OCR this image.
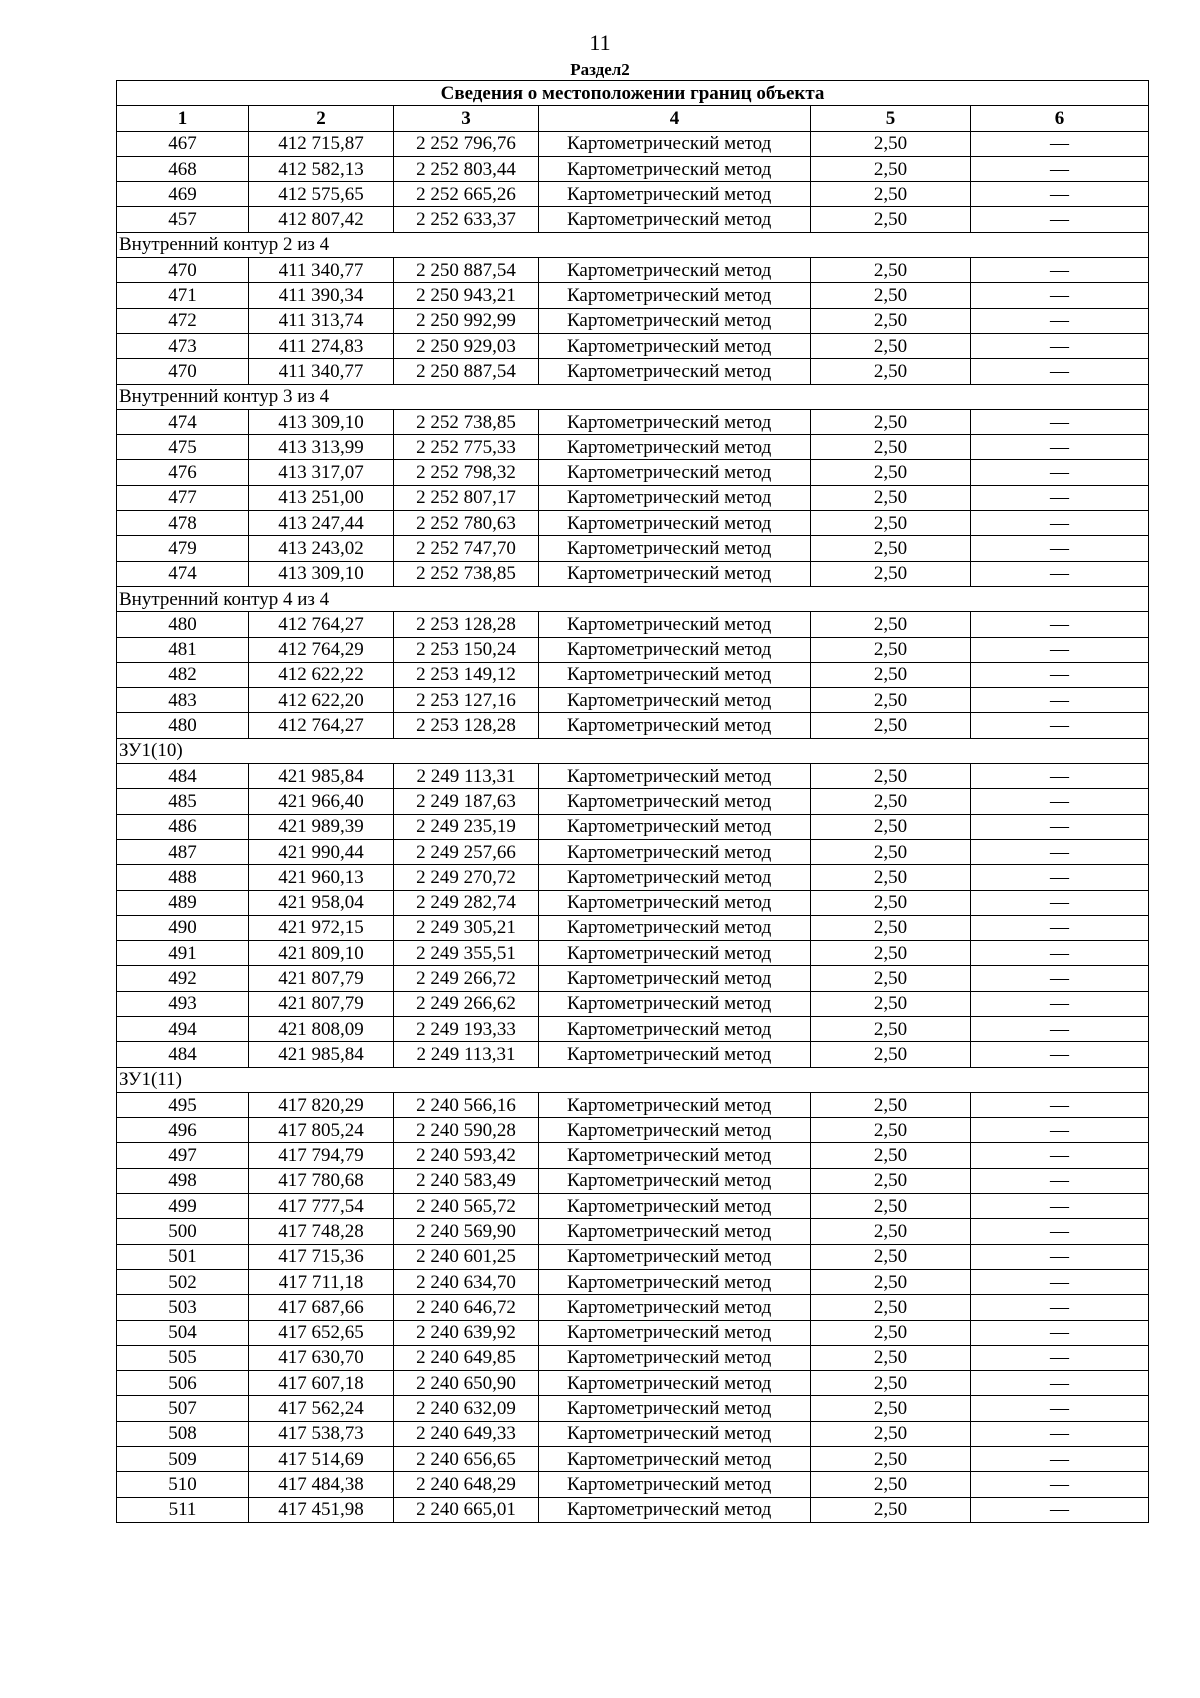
11
Раздел2
Сведения о местоположении границ объекта					
1	2	3	4	5	6
467	412 715,87	2 252 796,76	Картометрический метод	2,50	—
468	412 582,13	2 252 803,44	Картометрический метод	2,50	—
469	412 575,65	2 252 665,26	Картометрический метод	2,50	—
457	412 807,42	2 252 633,37	Картометрический метод	2,50	—
Внутренний контур 2 из 4					
470	411 340,77	2 250 887,54	Картометрический метод	2,50	—
471	411 390,34	2 250 943,21	Картометрический метод	2,50	—
472	411 313,74	2 250 992,99	Картометрический метод	2,50	—
473	411 274,83	2 250 929,03	Картометрический метод	2,50	—
470	411 340,77	2 250 887,54	Картометрический метод	2,50	—
Внутренний контур 3 из 4					
474	413 309,10	2 252 738,85	Картометрический метод	2,50	—
475	413 313,99	2 252 775,33	Картометрический метод	2,50	—
476	413 317,07	2 252 798,32	Картометрический метод	2,50	—
477	413 251,00	2 252 807,17	Картометрический метод	2,50	—
478	413 247,44	2 252 780,63	Картометрический метод	2,50	—
479	413 243,02	2 252 747,70	Картометрический метод	2,50	—
474	413 309,10	2 252 738,85	Картометрический метод	2,50	—
Внутренний контур 4 из 4					
480	412 764,27	2 253 128,28	Картометрический метод	2,50	—
481	412 764,29	2 253 150,24	Картометрический метод	2,50	—
482	412 622,22	2 253 149,12	Картометрический метод	2,50	—
483	412 622,20	2 253 127,16	Картометрический метод	2,50	—
480	412 764,27	2 253 128,28	Картометрический метод	2,50	—
ЗУ1(10)					
484	421 985,84	2 249 113,31	Картометрический метод	2,50	—
485	421 966,40	2 249 187,63	Картометрический метод	2,50	—
486	421 989,39	2 249 235,19	Картометрический метод	2,50	—
487	421 990,44	2 249 257,66	Картометрический метод	2,50	—
488	421 960,13	2 249 270,72	Картометрический метод	2,50	—
489	421 958,04	2 249 282,74	Картометрический метод	2,50	—
490	421 972,15	2 249 305,21	Картометрический метод	2,50	—
491	421 809,10	2 249 355,51	Картометрический метод	2,50	—
492	421 807,79	2 249 266,72	Картометрический метод	2,50	—
493	421 807,79	2 249 266,62	Картометрический метод	2,50	—
494	421 808,09	2 249 193,33	Картометрический метод	2,50	—
484	421 985,84	2 249 113,31	Картометрический метод	2,50	—
ЗУ1(11)					
495	417 820,29	2 240 566,16	Картометрический метод	2,50	—
496	417 805,24	2 240 590,28	Картометрический метод	2,50	—
497	417 794,79	2 240 593,42	Картометрический метод	2,50	—
498	417 780,68	2 240 583,49	Картометрический метод	2,50	—
499	417 777,54	2 240 565,72	Картометрический метод	2,50	—
500	417 748,28	2 240 569,90	Картометрический метод	2,50	—
501	417 715,36	2 240 601,25	Картометрический метод	2,50	—
502	417 711,18	2 240 634,70	Картометрический метод	2,50	—
503	417 687,66	2 240 646,72	Картометрический метод	2,50	—
504	417 652,65	2 240 639,92	Картометрический метод	2,50	—
505	417 630,70	2 240 649,85	Картометрический метод	2,50	—
506	417 607,18	2 240 650,90	Картометрический метод	2,50	—
507	417 562,24	2 240 632,09	Картометрический метод	2,50	—
508	417 538,73	2 240 649,33	Картометрический метод	2,50	—
509	417 514,69	2 240 656,65	Картометрический метод	2,50	—
510	417 484,38	2 240 648,29	Картометрический метод	2,50	—
511	417 451,98	2 240 665,01	Картометрический метод	2,50	—
